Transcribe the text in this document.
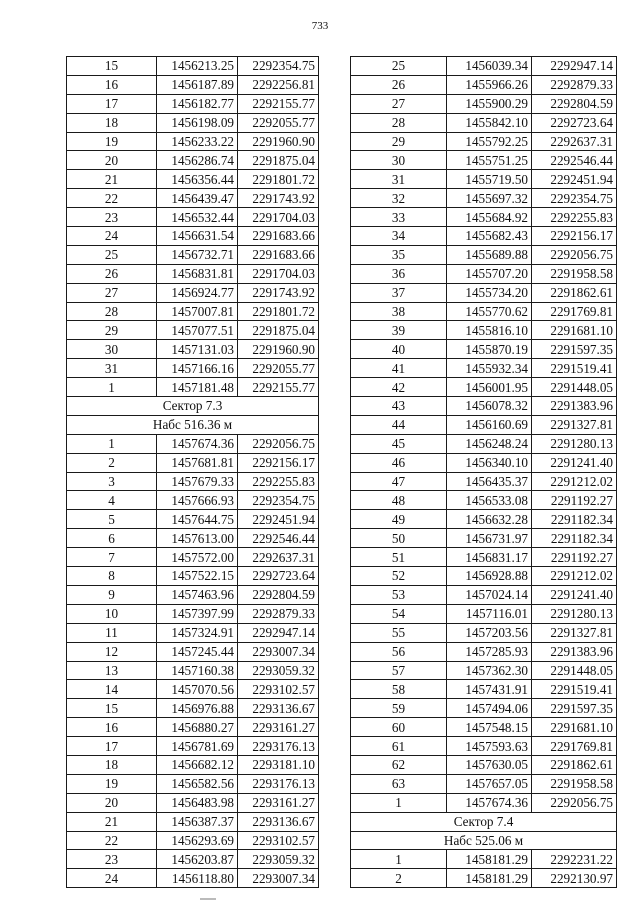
733
15	1456213.25	2292354.75
16	1456187.89	2292256.81
17	1456182.77	2292155.77
18	1456198.09	2292055.77
19	1456233.22	2291960.90
20	1456286.74	2291875.04
21	1456356.44	2291801.72
22	1456439.47	2291743.92
23	1456532.44	2291704.03
24	1456631.54	2291683.66
25	1456732.71	2291683.66
26	1456831.81	2291704.03
27	1456924.77	2291743.92
28	1457007.81	2291801.72
29	1457077.51	2291875.04
30	1457131.03	2291960.90
31	1457166.16	2292055.77
1	1457181.48	2292155.77
Сектор 7.3		
Набс 516.36 м		
1	1457674.36	2292056.75
2	1457681.81	2292156.17
3	1457679.33	2292255.83
4	1457666.93	2292354.75
5	1457644.75	2292451.94
6	1457613.00	2292546.44
7	1457572.00	2292637.31
8	1457522.15	2292723.64
9	1457463.96	2292804.59
10	1457397.99	2292879.33
11	1457324.91	2292947.14
12	1457245.44	2293007.34
13	1457160.38	2293059.32
14	1457070.56	2293102.57
15	1456976.88	2293136.67
16	1456880.27	2293161.27
17	1456781.69	2293176.13
18	1456682.12	2293181.10
19	1456582.56	2293176.13
20	1456483.98	2293161.27
21	1456387.37	2293136.67
22	1456293.69	2293102.57
23	1456203.87	2293059.32
24	1456118.80	2293007.34
25	1456039.34	2292947.14
26	1455966.26	2292879.33
27	1455900.29	2292804.59
28	1455842.10	2292723.64
29	1455792.25	2292637.31
30	1455751.25	2292546.44
31	1455719.50	2292451.94
32	1455697.32	2292354.75
33	1455684.92	2292255.83
34	1455682.43	2292156.17
35	1455689.88	2292056.75
36	1455707.20	2291958.58
37	1455734.20	2291862.61
38	1455770.62	2291769.81
39	1455816.10	2291681.10
40	1455870.19	2291597.35
41	1455932.34	2291519.41
42	1456001.95	2291448.05
43	1456078.32	2291383.96
44	1456160.69	2291327.81
45	1456248.24	2291280.13
46	1456340.10	2291241.40
47	1456435.37	2291212.02
48	1456533.08	2291192.27
49	1456632.28	2291182.34
50	1456731.97	2291182.34
51	1456831.17	2291192.27
52	1456928.88	2291212.02
53	1457024.14	2291241.40
54	1457116.01	2291280.13
55	1457203.56	2291327.81
56	1457285.93	2291383.96
57	1457362.30	2291448.05
58	1457431.91	2291519.41
59	1457494.06	2291597.35
60	1457548.15	2291681.10
61	1457593.63	2291769.81
62	1457630.05	2291862.61
63	1457657.05	2291958.58
1	1457674.36	2292056.75
Сектор 7.4		
Набс 525.06 м		
1	1458181.29	2292231.22
2	1458181.29	2292130.97
